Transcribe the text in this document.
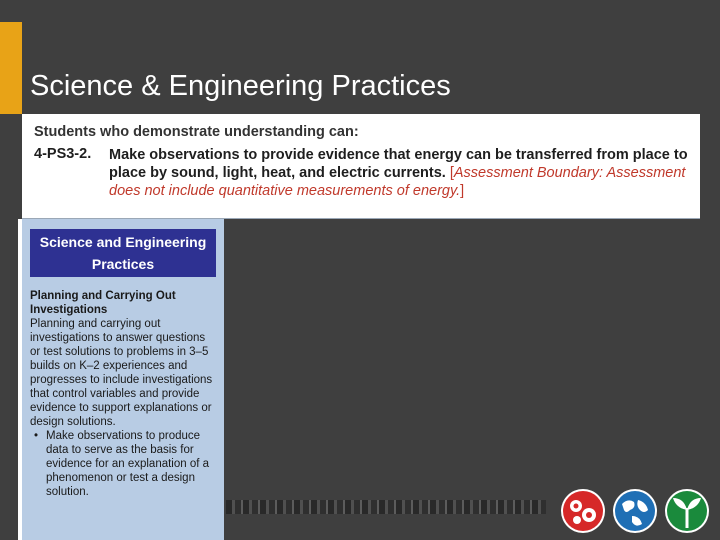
Science & Engineering Practices
Students who demonstrate understanding can:
4-PS3-2.	Make observations to provide evidence that energy can be transferred from place to place by sound, light, heat, and electric currents. [Assessment Boundary: Assessment does not include quantitative measurements of energy.]
Science and Engineering Practices
Planning and Carrying Out Investigations
Planning and carrying out investigations to answer questions or test solutions to problems in 3–5 builds on K–2 experiences and progresses to include investigations that control variables and provide evidence to support explanations or design solutions.
• Make observations to produce data to serve as the basis for evidence for an explanation of a phenomenon or test a design solution.
